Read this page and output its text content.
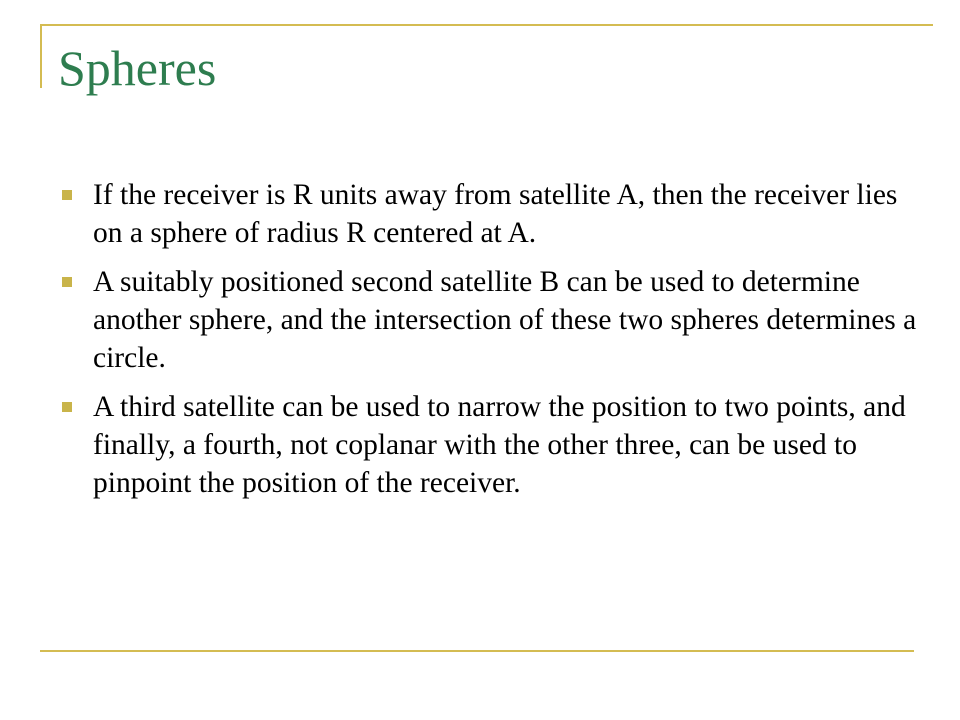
Spheres
If the receiver is R units away from satellite A, then the receiver lies on a sphere of radius R centered at A.
A suitably positioned second satellite B can be used to determine another sphere, and the intersection of these two spheres determines a circle.
A third satellite can be used to narrow the position to two points, and finally, a fourth, not coplanar with the other three, can be used to pinpoint the position of the receiver.
